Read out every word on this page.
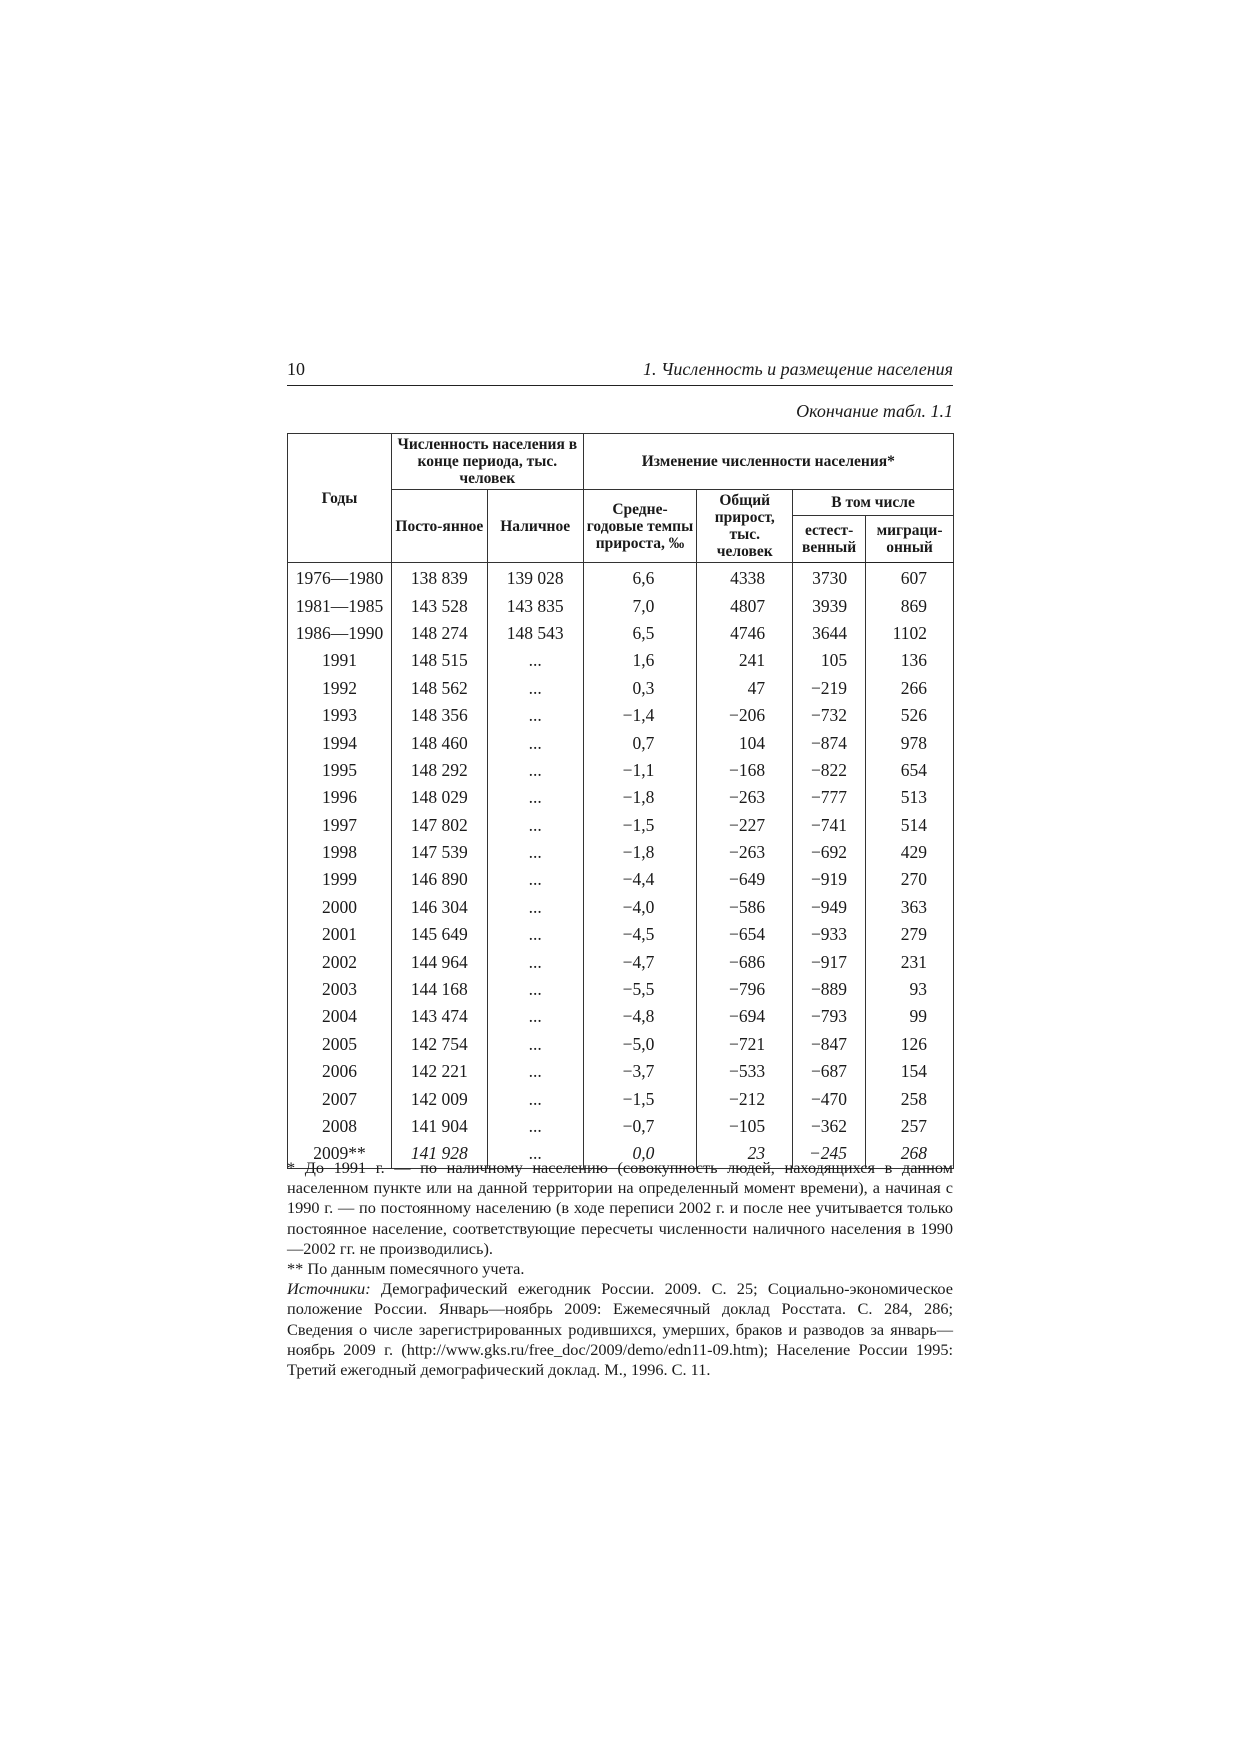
10	1. Численность и размещение населения
Окончание табл. 1.1
Годы	Численность населения в конце периода, тыс. человек		Изменение численности населения*			
	Посто-янное	Наличное	Средне-годовые темпы прироста, ‰	Общий прирост, тыс. человек	В том числе	
					естест-венный	миграци-онный
1976—1980	138 839	139 028	6,6	4338	3730	607
1981—1985	143 528	143 835	7,0	4807	3939	869
1986—1990	148 274	148 543	6,5	4746	3644	1102
1991	148 515	...	1,6	241	105	136
1992	148 562	...	0,3	47	−219	266
1993	148 356	...	−1,4	−206	−732	526
1994	148 460	...	0,7	104	−874	978
1995	148 292	...	−1,1	−168	−822	654
1996	148 029	...	−1,8	−263	−777	513
1997	147 802	...	−1,5	−227	−741	514
1998	147 539	...	−1,8	−263	−692	429
1999	146 890	...	−4,4	−649	−919	270
2000	146 304	...	−4,0	−586	−949	363
2001	145 649	...	−4,5	−654	−933	279
2002	144 964	...	−4,7	−686	−917	231
2003	144 168	...	−5,5	−796	−889	93
2004	143 474	...	−4,8	−694	−793	99
2005	142 754	...	−5,0	−721	−847	126
2006	142 221	...	−3,7	−533	−687	154
2007	142 009	...	−1,5	−212	−470	258
2008	141 904	...	−0,7	−105	−362	257
2009**	141 928	...	0,0	23	−245	268

* До 1991 г. — по наличному населению (совокупность людей, находящихся в данном населенном пункте или на данной территории на определенный момент времени), а начиная с 1990 г. — по постоянному населению (в ходе переписи 2002 г. и после нее учитывается только постоянное население, соответствующие пересчеты численности наличного населения в 1990—2002 гг. не производились).

** По данным помесячного учета.

Источники: Демографический ежегодник России. 2009. С. 25; Социально-экономическое положение России. Январь—ноябрь 2009: Ежемесячный доклад Росстата. С. 284, 286; Сведения о числе зарегистрированных родившихся, умерших, браков и разводов за январь—ноябрь 2009 г. (http://www.gks.ru/free_doc/2009/demo/edn11-09.htm); Население России 1995: Третий ежегодный демографический доклад. М., 1996. С. 11.
